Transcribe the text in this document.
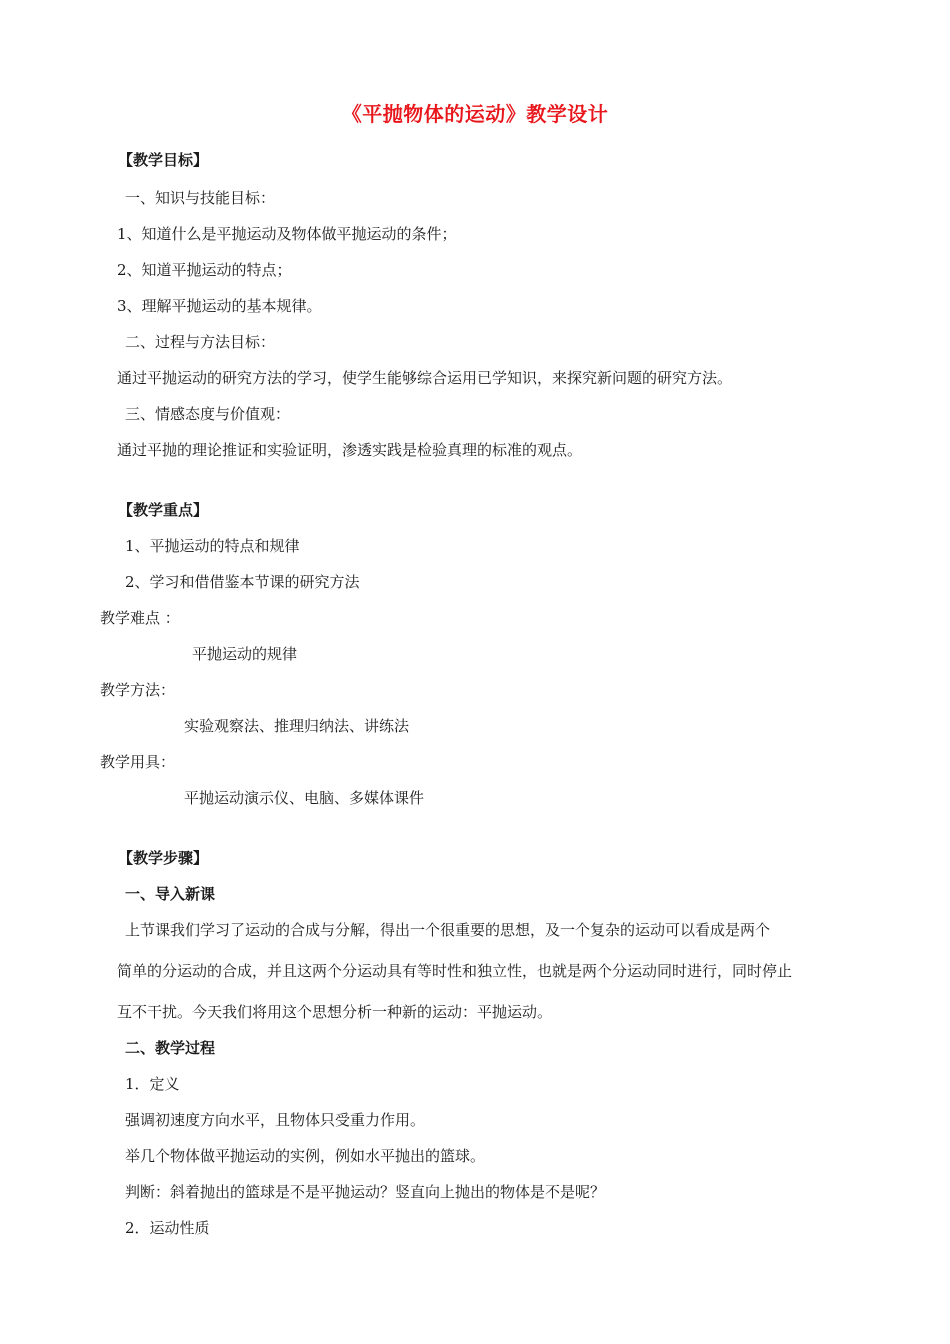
《平抛物体的运动》教学设计
【教学目标】
一、知识与技能目标：
1、知道什么是平抛运动及物体做平抛运动的条件；
2、知道平抛运动的特点；
3、理解平抛运动的基本规律。
二、过程与方法目标：
通过平抛运动的研究方法的学习，使学生能够综合运用已学知识，来探究新问题的研究方法。
三、情感态度与价值观：
通过平抛的理论推证和实验证明，渗透实践是检验真理的标准的观点。
【教学重点】
1、平抛运动的特点和规律
2、学习和借借鉴本节课的研究方法
教学难点 ：
平抛运动的规律
教学方法：
实验观察法、推理归纳法、讲练法
教学用具：
平抛运动演示仪、电脑、多媒体课件
【教学步骤】
一、导入新课
上节课我们学习了运动的合成与分解，得出一个很重要的思想，及一个复杂的运动可以看成是两个
简单的分运动的合成，并且这两个分运动具有等时性和独立性，也就是两个分运动同时进行，同时停止
互不干扰。今天我们将用这个思想分析一种新的运动：平抛运动。
二、教学过程
1．定义
强调初速度方向水平，且物体只受重力作用。
举几个物体做平抛运动的实例，例如水平抛出的篮球。
判断：斜着抛出的篮球是不是平抛运动？竖直向上抛出的物体是不是呢？
2．运动性质
